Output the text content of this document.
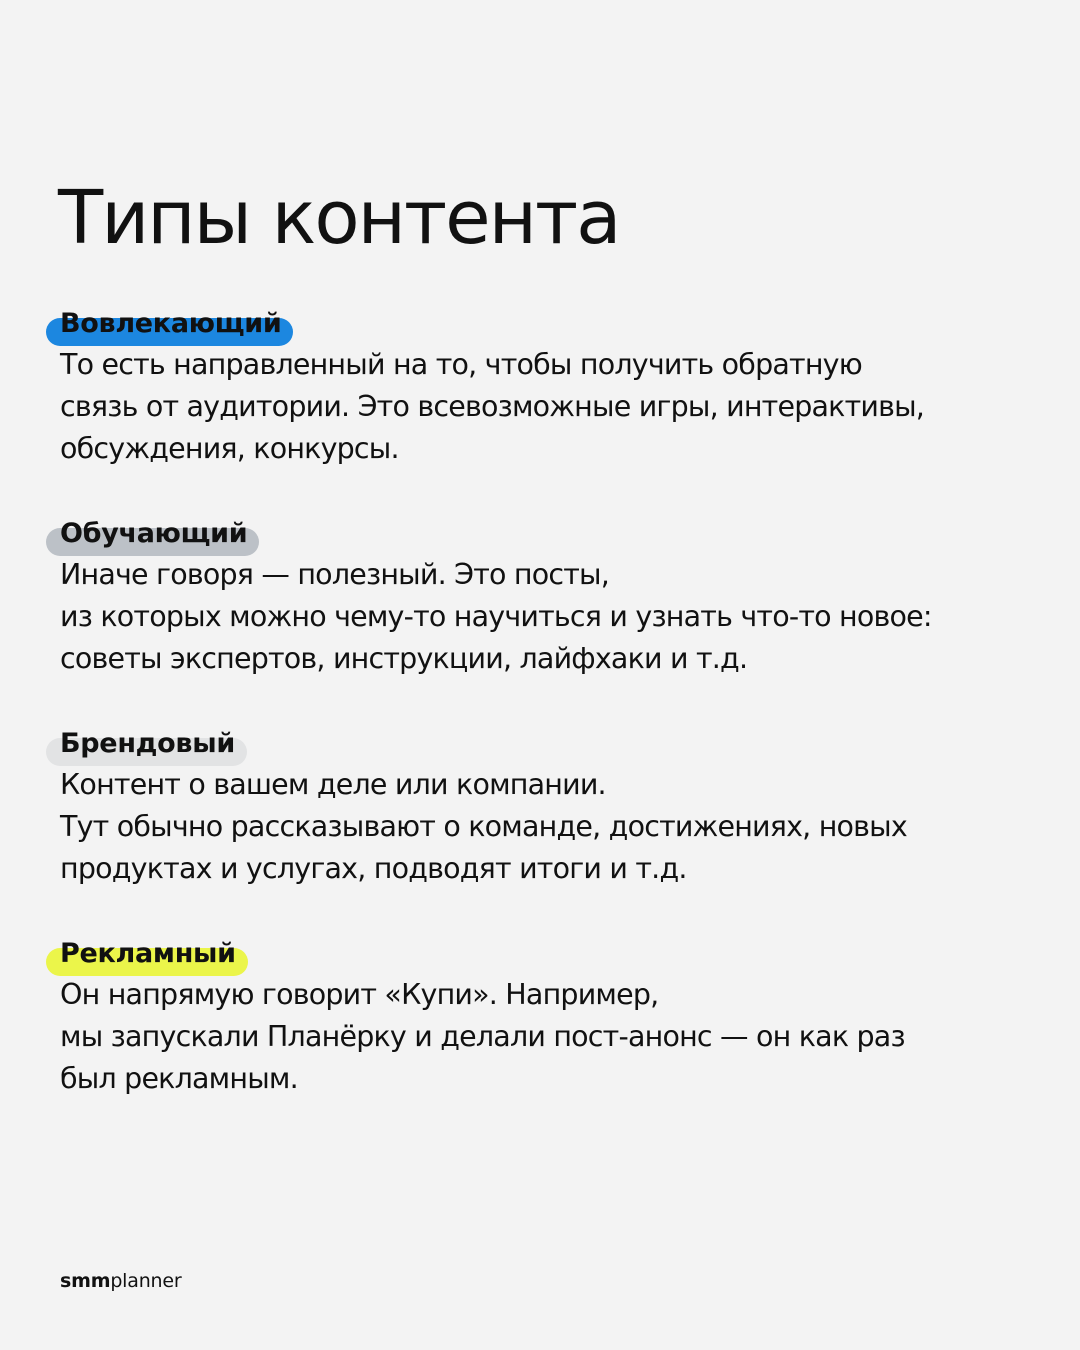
Типы контента
Вовлекающий
То есть направленный на то, чтобы получить обратную
связь от аудитории. Это всевозможные игры, интерактивы,
обсуждения, конкурсы.
Обучающий
Иначе говоря — полезный. Это посты,
из которых можно чему-то научиться и узнать что-то новое:
советы экспертов, инструкции, лайфхаки и т.д.
Брендовый
Контент о вашем деле или компании.
Тут обычно рассказывают о команде, достижениях, новых
продуктах и услугах, подводят итоги и т.д.
Рекламный
Он напрямую говорит «Купи». Например,
мы запускали Планёрку и делали пост-анонс — он как раз
был рекламным.
smmplanner
